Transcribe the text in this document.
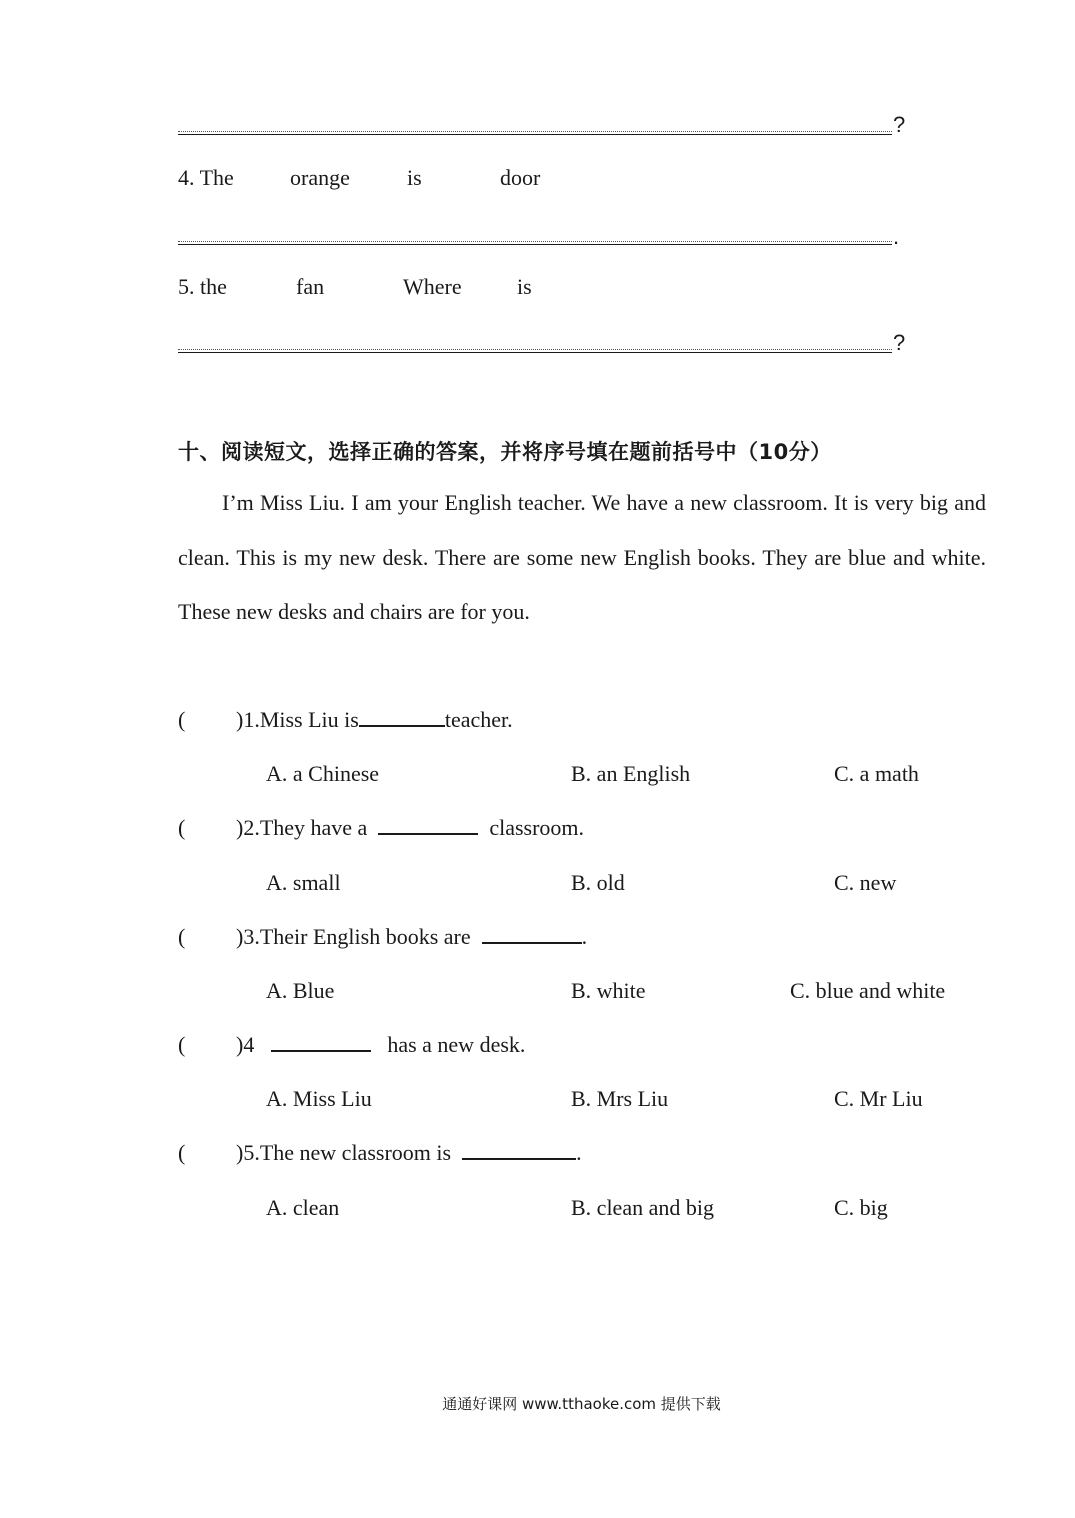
?
4. The	orange	is	door
.
5. the	fan	Where	is
?
十、阅读短文，选择正确的答案，并将序号填在题前括号中（10分）

I’m Miss Liu. I am your English teacher. We have a new classroom. It is very big and clean. This is my new desk. There are some new English books. They are blue and white. These new desks and chairs are for you.

( )1.Miss Liu is	teacher.
A. a Chinese	B. an English	C. a math
( )2.They have a	classroom.
A. small	B. old	C. new
( )3.Their English books are	.
A. Blue	B. white	C. blue and white
( )4	has a new desk.
A. Miss Liu	B. Mrs Liu	C. Mr Liu
( )5.The new classroom is	.
A. clean	B. clean and big	C. big
通通好课网 www.tthaoke.com 提供下载
